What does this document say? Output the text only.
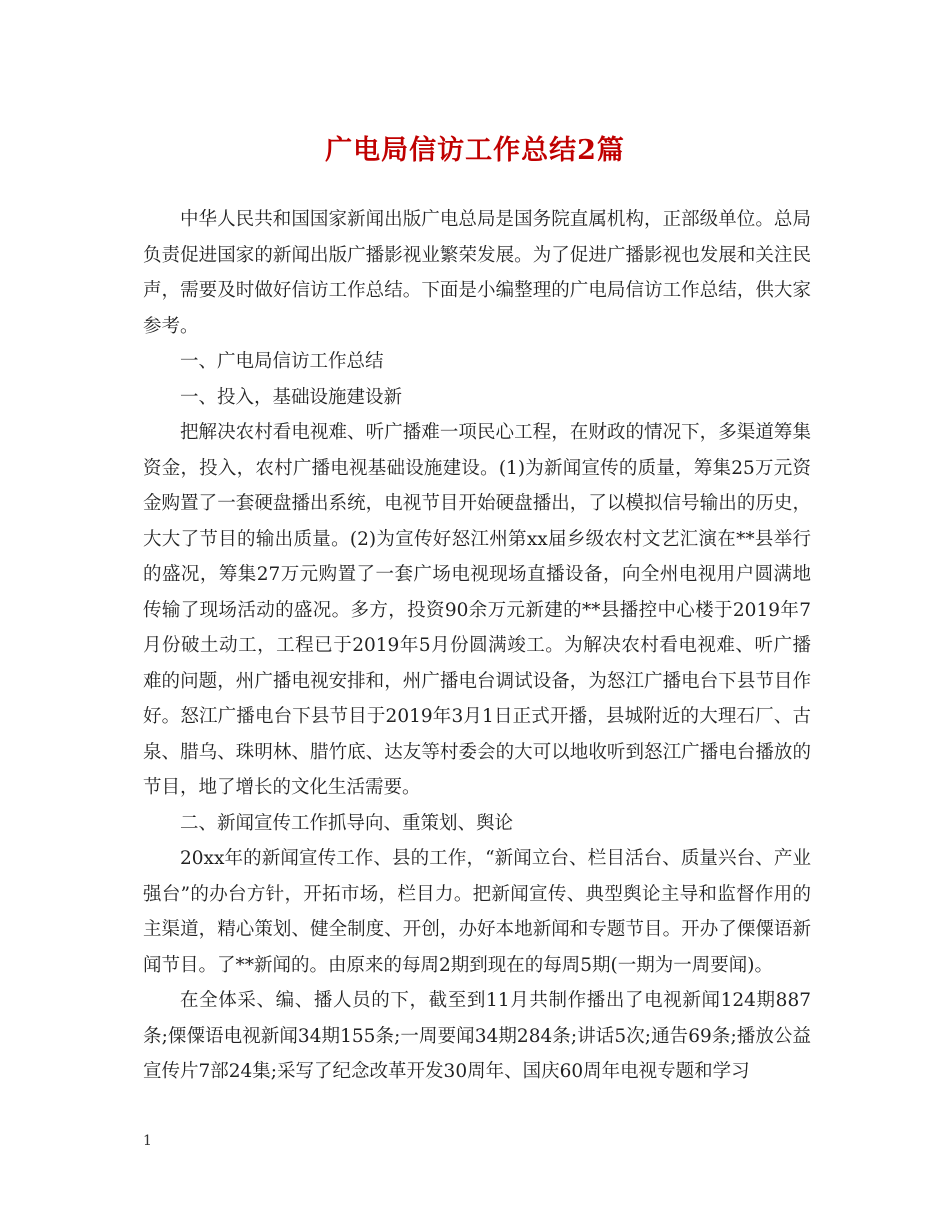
广电局信访工作总结2篇

中华人民共和国国家新闻出版广电总局是国务院直属机构，正部级单位。总局负责促进国家的新闻出版广播影视业繁荣发展。为了促进广播影视也发展和关注民声，需要及时做好信访工作总结。下面是小编整理的广电局信访工作总结，供大家参考。

一、广电局信访工作总结

一、投入，基础设施建设新

把解决农村看电视难、听广播难一项民心工程，在财政的情况下，多渠道筹集资金，投入，农村广播电视基础设施建设。(1)为新闻宣传的质量，筹集25万元资金购置了一套硬盘播出系统，电视节目开始硬盘播出，了以模拟信号输出的历史，大大了节目的输出质量。(2)为宣传好怒江州第xx届乡级农村文艺汇演在**县举行的盛况，筹集27万元购置了一套广场电视现场直播设备，向全州电视用户圆满地传输了现场活动的盛况。多方，投资90余万元新建的**县播控中心楼于2019年7月份破土动工，工程已于2019年5月份圆满竣工。为解决农村看电视难、听广播难的问题，州广播电视安排和，州广播电台调试设备，为怒江广播电台下县节目作好。怒江广播电台下县节目于2019年3月1日正式开播，县城附近的大理石厂、古泉、腊乌、珠明林、腊竹底、达友等村委会的大可以地收听到怒江广播电台播放的节目，地了增长的文化生活需要。

二、新闻宣传工作抓导向、重策划、舆论

20xx年的新闻宣传工作、县的工作，“新闻立台、栏目活台、质量兴台、产业强台”的办台方针，开拓市场，栏目力。把新闻宣传、典型舆论主导和监督作用的主渠道，精心策划、健全制度、开创，办好本地新闻和专题节目。开办了傈僳语新闻节目。了**新闻的。由原来的每周2期到现在的每周5期(一期为一周要闻)。

在全体采、编、播人员的下，截至到11月共制作播出了电视新闻124期887条;傈僳语电视新闻34期155条;一周要闻34期284条;讲话5次;通告69条;播放公益宣传片7部24集;采写了纪念改革开发30周年、国庆60周年电视专题和学习

1
